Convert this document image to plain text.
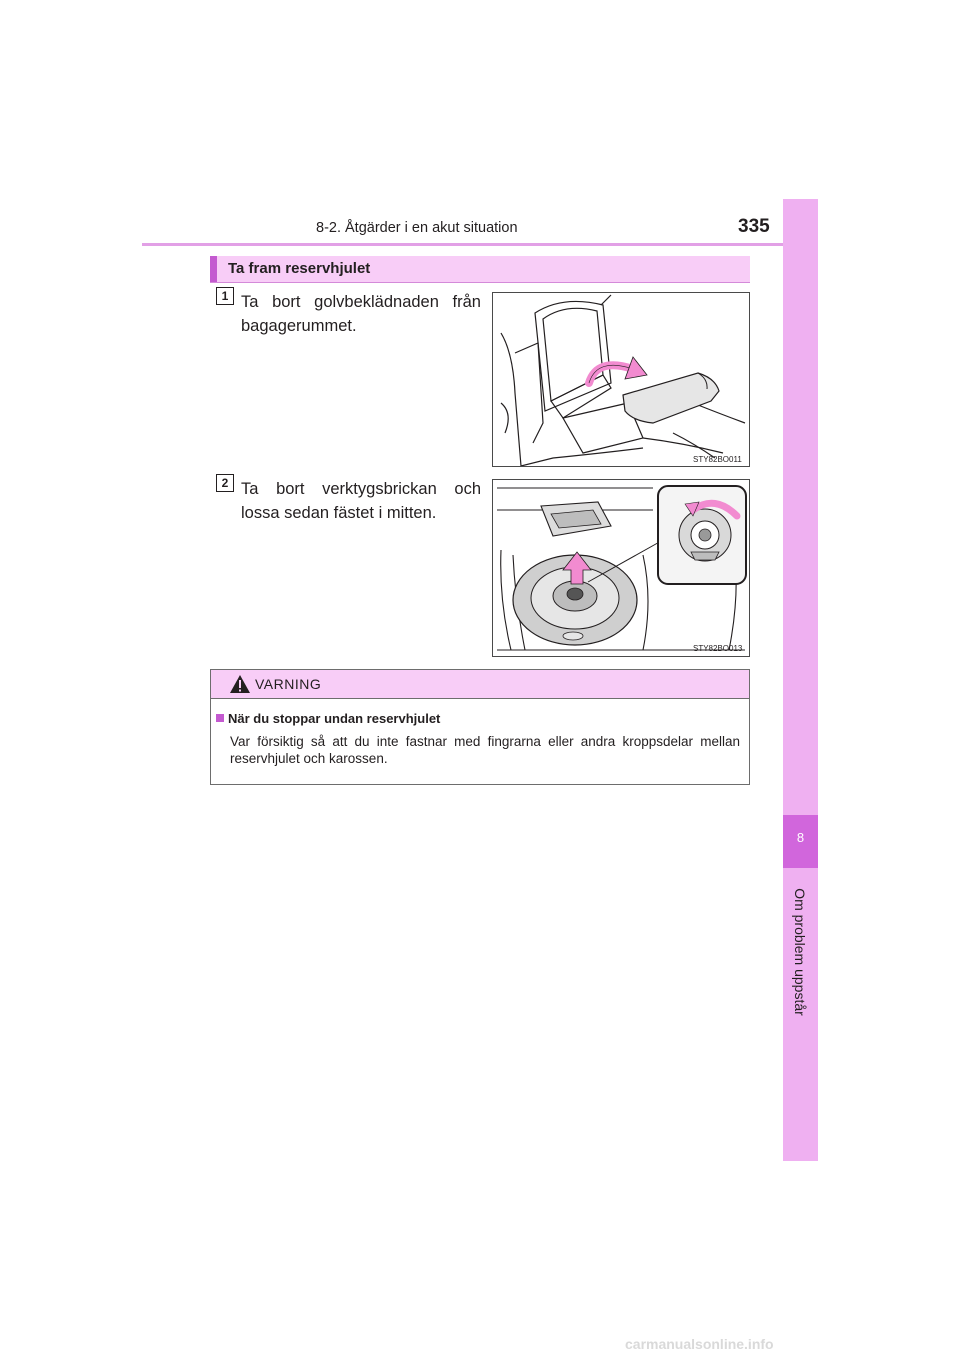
8-2. Åtgärder i en akut situation	335
8
Om problem uppstår
Ta fram reservhjulet
1 Ta bort golvbeklädnaden från bagagerummet.
STY82BO011
2 Ta bort verktygsbrickan och lossa sedan fästet i mitten.
STY82BO013
VARNING
När du stoppar undan reservhjulet
Var försiktig så att du inte fastnar med fingrarna eller andra kroppsdelar mellan reservhjulet och karossen.
carmanualsonline.info
